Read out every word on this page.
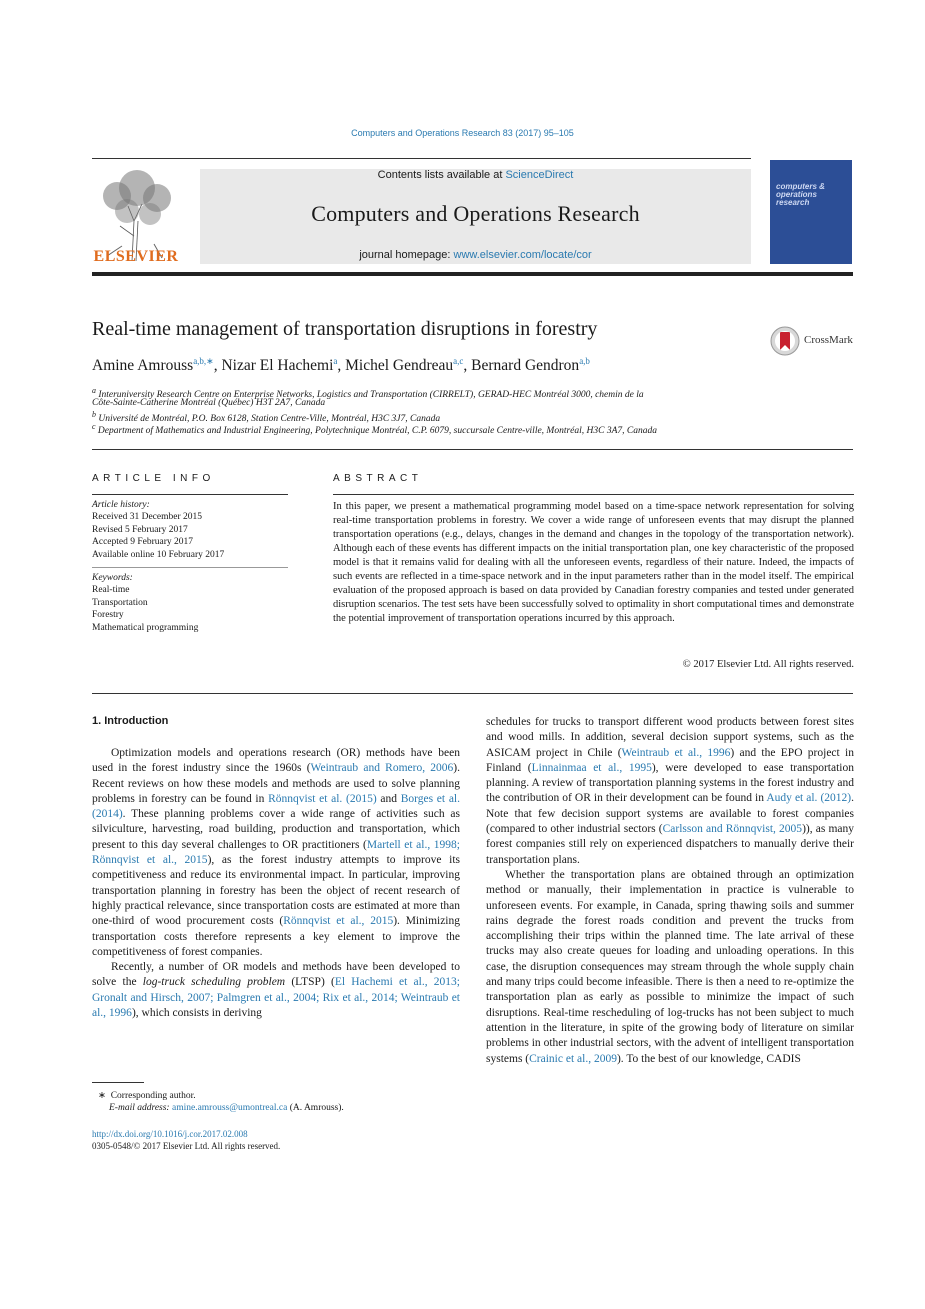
Computers and Operations Research 83 (2017) 95–105
ELSEVIER
Contents lists available at ScienceDirect
Computers and Operations Research
journal homepage: www.elsevier.com/locate/cor
computers & operations research
Real-time management of transportation disruptions in forestry	CrossMark
Amine Amrouss$^{a,b,∗}$, Nizar El Hachemi$^a$, Michel Gendreau$^{a,c}$, Bernard Gendron$^{a,b}$
$^a$ Interuniversity Research Centre on Enterprise Networks, Logistics and Transportation (CIRRELT), GERAD-HEC Montréal 3000, chemin de la
Côte-Sainte-Catherine Montréal (Québec) H3T 2A7, Canada
$^b$ Université de Montréal, P.O. Box 6128, Station Centre-Ville, Montréal, H3C 3J7, Canada
$^c$ Department of Mathematics and Industrial Engineering, Polytechnique Montréal, C.P. 6079, succursale Centre-ville, Montréal, H3C 3A7, Canada
ARTICLE INFO
Article history:
Received 31 December 2015
Revised 5 February 2017
Accepted 9 February 2017
Available online 10 February 2017
Keywords:
Real-time
Transportation
Forestry
Mathematical programming
ABSTRACT
In this paper, we present a mathematical programming model based on a time-space network representation for solving real-time transportation problems in forestry. We cover a wide range of unforeseen events that may disrupt the planned transportation operations (e.g., delays, changes in the demand and changes in the topology of the transportation network). Although each of these events has different impacts on the initial transportation plan, one key characteristic of the proposed model is that it remains valid for dealing with all the unforeseen events, regardless of their nature. Indeed, the impacts of such events are reflected in a time-space network and in the input parameters rather than in the model itself. The empirical evaluation of the proposed approach is based on data provided by Canadian forestry companies and tested under generated disruption scenarios. The test sets have been successfully solved to optimality in short computational times and demonstrate the potential improvement of transportation operations incurred by this approach.
© 2017 Elsevier Ltd. All rights reserved.
1. Introduction

Optimization models and operations research (OR) methods have been used in the forest industry since the 1960s (Weintraub and Romero, 2006). Recent reviews on how these models and methods are used to solve planning problems in forestry can be found in Rönnqvist et al. (2015) and Borges et al. (2014). These planning problems cover a wide range of activities such as silviculture, harvesting, road building, production and transportation, which present to this day several challenges to OR practitioners (Martell et al., 1998; Rönnqvist et al., 2015), as the forest industry attempts to improve its competitiveness and reduce its environmental impact. In particular, improving transportation planning in forestry has been the object of recent research of highly practical relevance, since transportation costs are estimated at more than one-third of wood procurement costs (Rönnqvist et al., 2015). Minimizing transportation costs therefore represents a key element to improve the competitiveness of forest companies.

Recently, a number of OR models and methods have been developed to solve the log-truck scheduling problem (LTSP) (El Hachemi et al., 2013; Gronalt and Hirsch, 2007; Palmgren et al., 2004; Rix et al., 2014; Weintraub et al., 1996), which consists in deriving

schedules for trucks to transport different wood products between forest sites and wood mills. In addition, several decision support systems, such as the ASICAM project in Chile (Weintraub et al., 1996) and the EPO project in Finland (Linnainmaa et al., 1995), were developed to ease transportation planning. A review of transportation planning systems in the forest industry and the contribution of OR in their development can be found in Audy et al. (2012). Note that few decision support systems are available to forest companies (compared to other industrial sectors (Carlsson and Rönnqvist, 2005)), as many forest companies still rely on experienced dispatchers to manually derive their transportation plans.

Whether the transportation plans are obtained through an optimization method or manually, their implementation in practice is vulnerable to unforeseen events. For example, in Canada, spring thawing soils and summer rains degrade the forest roads condition and prevent the trucks from accomplishing their trips within the planned time. The late arrival of these trucks may also create queues for loading and unloading operations. In this case, the disruption consequences may stream through the whole supply chain and many trips could become infeasible. There is then a need to re-optimize the transportation plan as early as possible to minimize the impact of such disruptions. Real-time rescheduling of log-trucks has not been subject to much attention in the literature, in spite of the growing body of literature on similar problems in other industrial sectors, with the advent of intelligent transportation systems (Crainic et al., 2009). To the best of our knowledge, CADIS

∗ Corresponding author.
E-mail address: amine.amrouss@umontreal.ca (A. Amrouss).
http://dx.doi.org/10.1016/j.cor.2017.02.008
0305-0548/© 2017 Elsevier Ltd. All rights reserved.
